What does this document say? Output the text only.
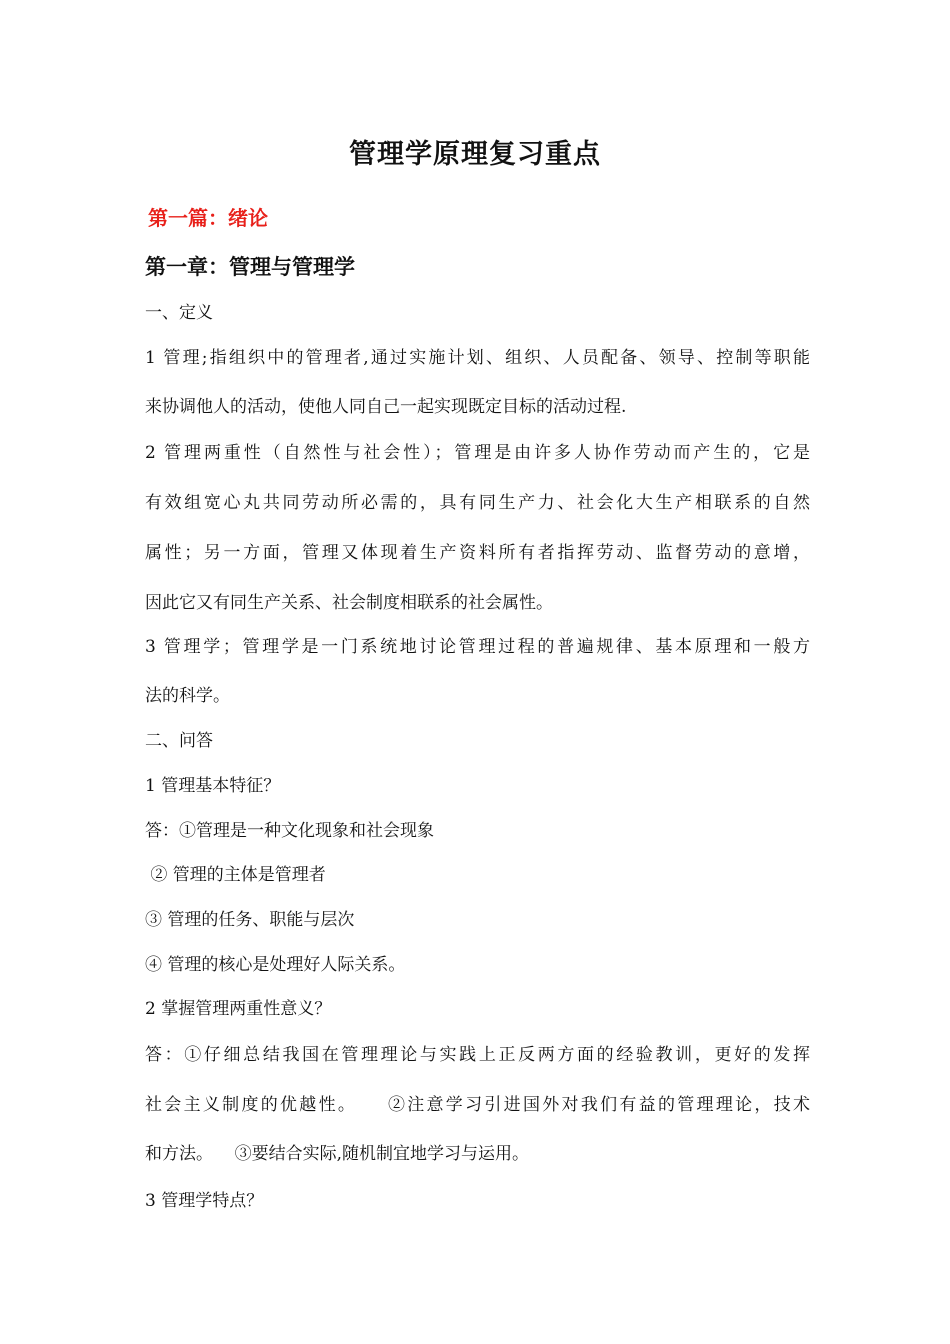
管理学原理复习重点
第一篇：绪论
第一章：管理与管理学
一、定义
1 管理;指组织中的管理者,通过实施计划、组织、人员配备、领导、控制等职能
来协调他人的活动，使他人同自己一起实现既定目标的活动过程.
2 管理两重性（自然性与社会性）；管理是由许多人协作劳动而产生的，它是
有效组宽心丸共同劳动所必需的，具有同生产力、社会化大生产相联系的自然
属性；另一方面，管理又体现着生产资料所有者指挥劳动、监督劳动的意增，
因此它又有同生产关系、社会制度相联系的社会属性。
3 管理学；管理学是一门系统地讨论管理过程的普遍规律、基本原理和一般方
法的科学。
二、问答
1 管理基本特征？
答：①管理是一种文化现象和社会现象
② 管理的主体是管理者
③ 管理的任务、职能与层次
④ 管理的核心是处理好人际关系。
2 掌握管理两重性意义？
答：①仔细总结我国在管理理论与实践上正反两方面的经验教训，更好的发挥
社会主义制度的优越性。    ②注意学习引进国外对我们有益的管理理论，技术
和方法。    ③要结合实际,随机制宜地学习与运用。
3 管理学特点？
